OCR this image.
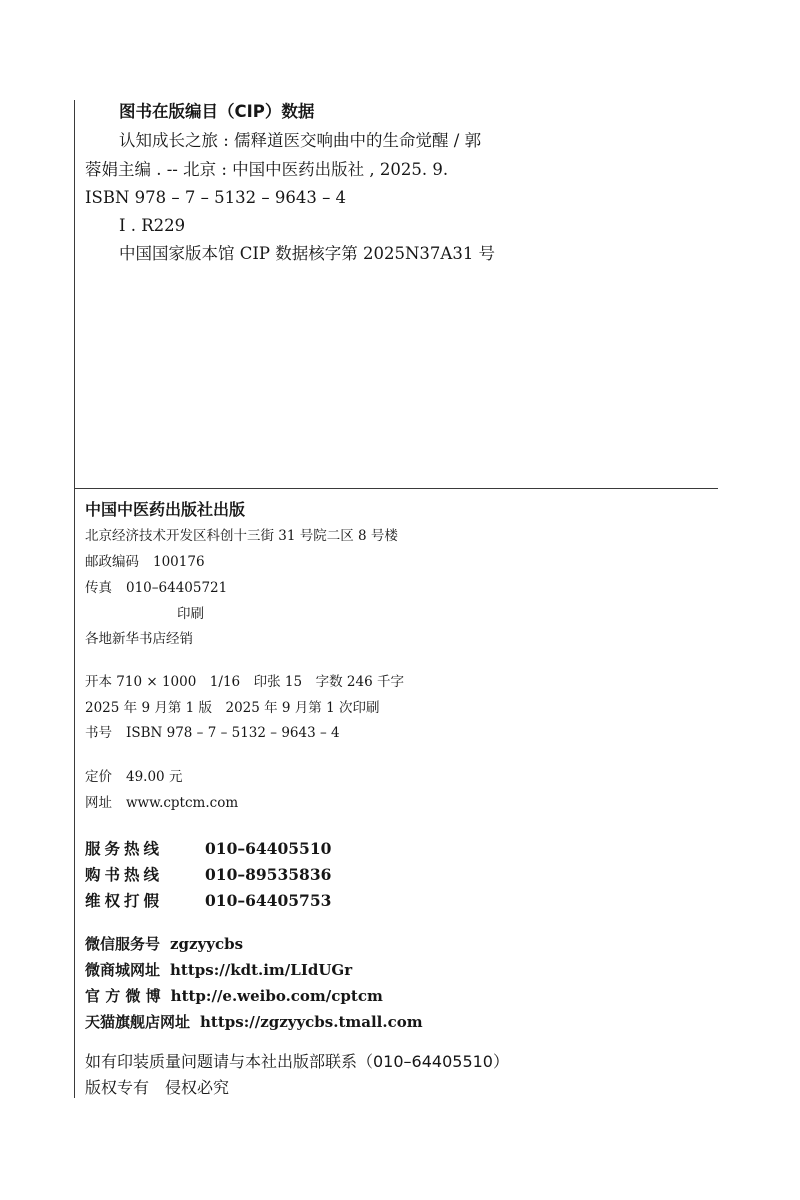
图书在版编目（CIP）数据
认知成长之旅 : 儒释道医交响曲中的生命觉醒 / 郭
蓉娟主编 . -- 北京 : 中国中医药出版社 , 2025. 9.
ISBN 978 – 7 – 5132 – 9643 – 4
Ⅰ . R229
中国国家版本馆 CIP 数据核字第 2025N37A31 号
中国中医药出版社出版
北京经济技术开发区科创十三街 31 号院二区 8 号楼
邮政编码 100176
传真 010–64405721
印刷
各地新华书店经销
开本 710 × 1000　1/16　印张 15　字数 246 千字
2025 年 9 月第 1 版　2025 年 9 月第 1 次印刷
书号 ISBN 978 – 7 – 5132 – 9643 – 4
定价 49.00 元
网址 www.cptcm.com
服务热线	010–64405510
购书热线	010–89535836
维权打假	010–64405753
微信服务号 zgzyycbs
微商城网址 https://kdt.im/LIdUGr
官 方 微 博 http://e.weibo.com/cptcm
天猫旗舰店网址 https://zgzyycbs.tmall.com
如有印装质量问题请与本社出版部联系（010–64405510）
版权专有　侵权必究
